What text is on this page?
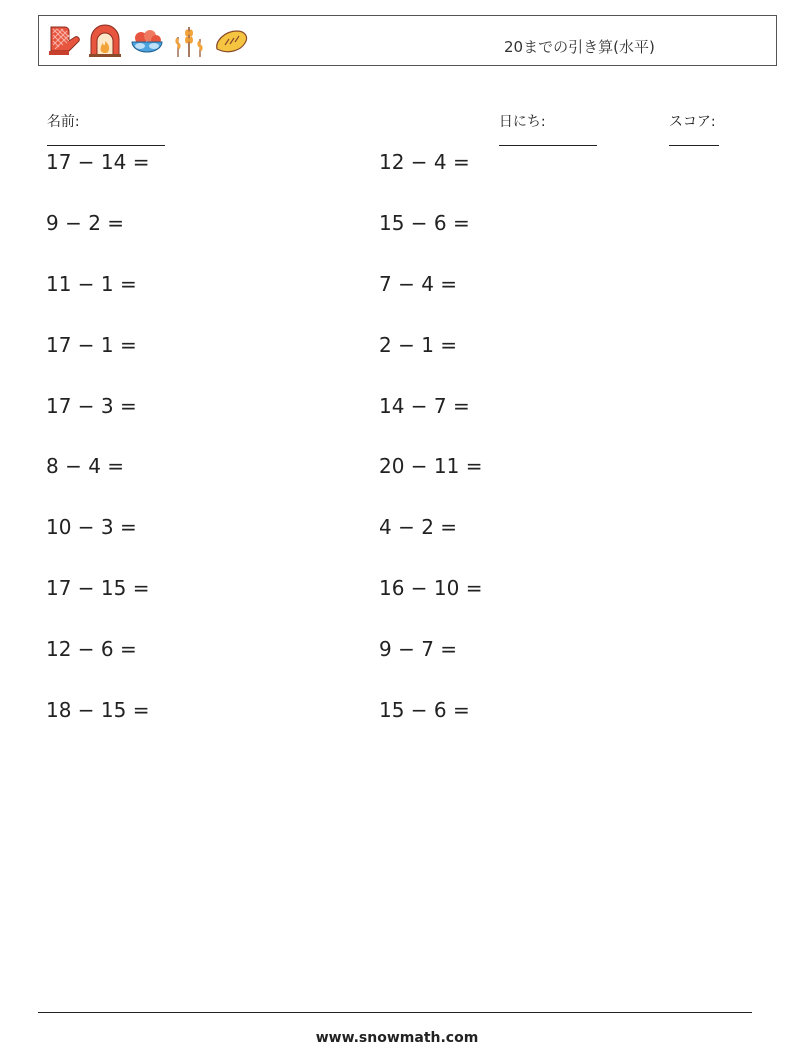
20までの引き算(水平)

名前:
	日にち:
	スコア:

17 − 14 =
9 − 2 =
11 − 1 =
17 − 1 =
17 − 3 =
8 − 4 =
10 − 3 =
17 − 15 =
12 − 6 =
18 − 15 =
12 − 4 =
15 − 6 =
7 − 4 =
2 − 1 =
14 − 7 =
20 − 11 =
4 − 2 =
16 − 10 =
9 − 7 =
15 − 6 =
www.snowmath.com
